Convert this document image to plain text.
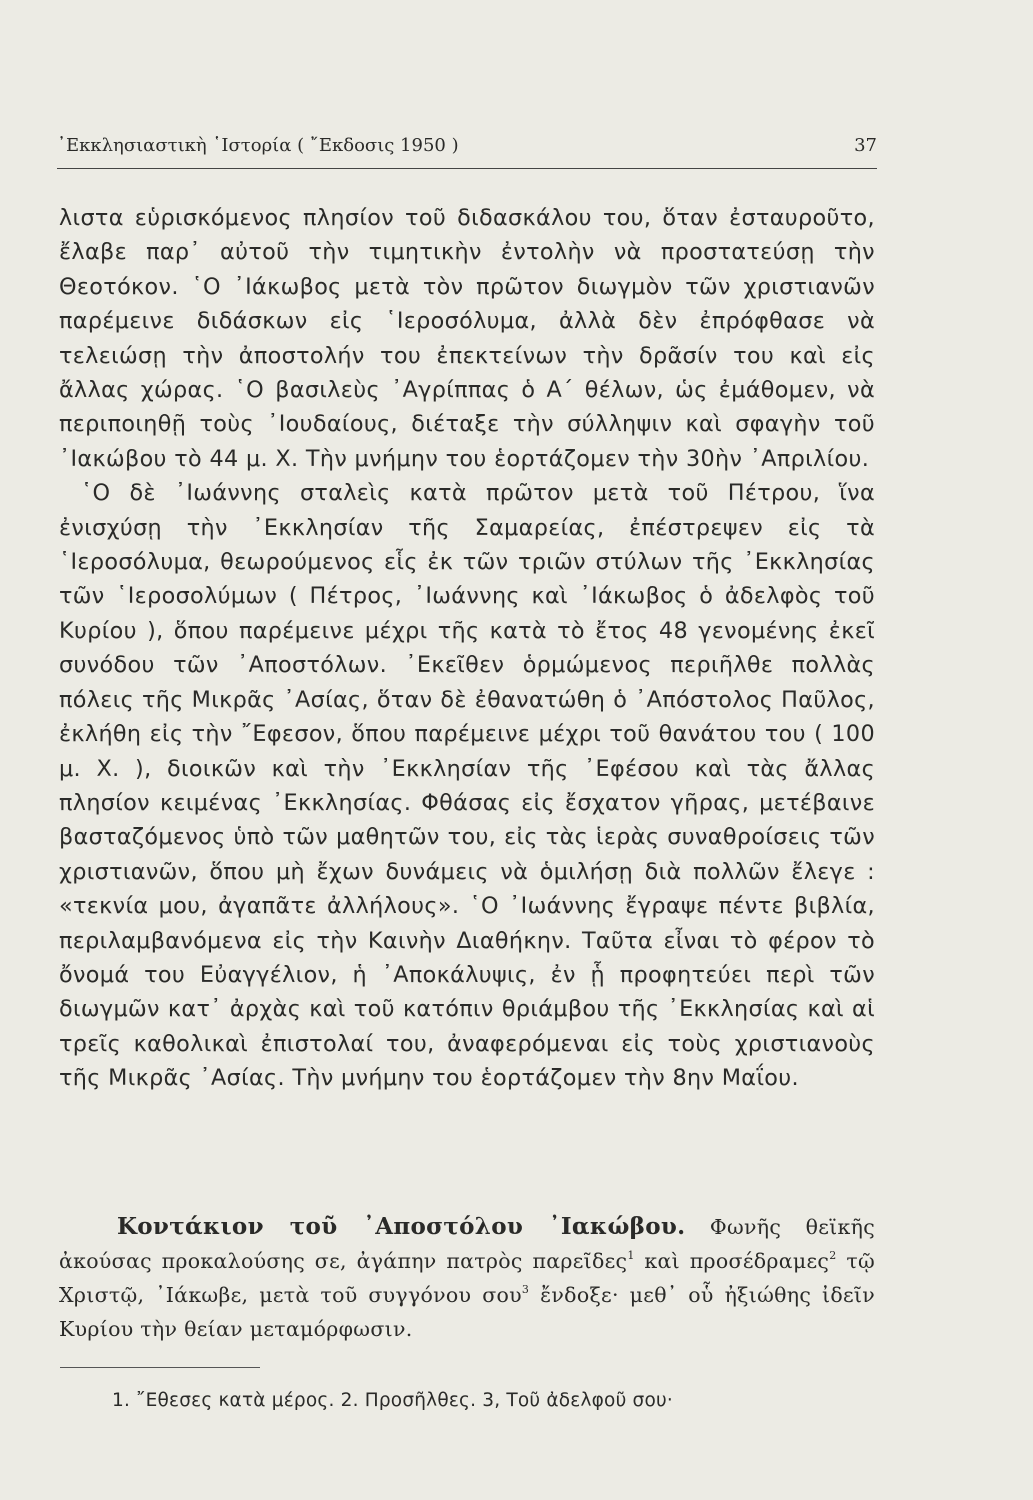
᾿Εκκλησιαστικὴ ῾Ιστορία ( ῎Εκδοσις 1950 )	37

λιστα εὑρισκόμενος πλησίον τοῦ διδασκάλου του, ὅταν ἐσταυροῦτο, ἔλαβε παρ᾿ αὐτοῦ τὴν τιμητικὴν ἐντολὴν νὰ προστατεύσῃ τὴν Θεοτόκον. ῾Ο ᾿Ιάκωβος μετὰ τὸν πρῶτον διωγμὸν τῶν χριστιανῶν παρέμεινε διδάσκων εἰς ῾Ιεροσόλυμα, ἀλλὰ δὲν ἐπρόφθασε νὰ τελειώσῃ τὴν ἀποστολήν του ἐπεκτείνων τὴν δρᾶσίν του καὶ εἰς ἄλλας χώρας. ῾Ο βασιλεὺς ᾿Αγρίππας ὁ Α΄ θέλων, ὡς ἐμάθομεν, νὰ περιποιηθῇ τοὺς ᾿Ιουδαίους, διέταξε τὴν σύλληψιν καὶ σφαγὴν τοῦ ᾿Ιακώβου τὸ 44 μ. Χ. Τὴν μνήμην του ἑορτάζομεν τὴν 30ὴν ᾿Απριλίου.

῾Ο δὲ ᾿Ιωάννης σταλεὶς κατὰ πρῶτον μετὰ τοῦ Πέτρου, ἵνα ἐνισχύσῃ τὴν ᾿Εκκλησίαν τῆς Σαμαρείας, ἐπέστρεψεν εἰς τὰ ῾Ιεροσόλυμα, θεωρούμενος εἷς ἐκ τῶν τριῶν στύλων τῆς ᾿Εκκλησίας τῶν ῾Ιεροσολύμων ( Πέτρος, ᾿Ιωάννης καὶ ᾿Ιάκωβος ὁ ἀδελφὸς τοῦ Κυρίου ), ὅπου παρέμεινε μέχρι τῆς κατὰ τὸ ἔτος 48 γενομένης ἐκεῖ συνόδου τῶν ᾿Αποστόλων. ᾿Εκεῖθεν ὁρμώμενος περιῆλθε πολλὰς πόλεις τῆς Μικρᾶς ᾿Ασίας, ὅταν δὲ ἐθανατώθη ὁ ᾿Απόστολος Παῦλος, ἐκλήθη εἰς τὴν ῎Εφεσον, ὅπου παρέμεινε μέχρι τοῦ θανάτου του ( 100 μ. Χ. ), διοικῶν καὶ τὴν ᾿Εκκλησίαν τῆς ᾿Εφέσου καὶ τὰς ἄλλας πλησίον κειμένας ᾿Εκκλησίας. Φθάσας εἰς ἔσχατον γῆρας, μετέβαινε βασταζόμενος ὑπὸ τῶν μαθητῶν του, εἰς τὰς ἱερὰς συναθροίσεις τῶν χριστιανῶν, ὅπου μὴ ἔχων δυνάμεις νὰ ὁμιλήσῃ διὰ πολλῶν ἔλεγε : «τεκνία μου, ἀγαπᾶτε ἀλλήλους». ῾Ο ᾿Ιωάννης ἔγραψε πέντε βιβλία, περιλαμβανόμενα εἰς τὴν Καινὴν Διαθήκην. Ταῦτα εἶναι τὸ φέρον τὸ ὄνομά του Εὐαγγέλιον, ἡ ᾿Αποκάλυψις, ἐν ᾗ προφητεύει περὶ τῶν διωγμῶν κατ᾿ ἀρχὰς καὶ τοῦ κατόπιν θριάμβου τῆς ᾿Εκκλησίας καὶ αἱ τρεῖς καθολικαὶ ἐπιστολαί του, ἀναφερόμεναι εἰς τοὺς χριστιανοὺς τῆς Μικρᾶς ᾿Ασίας. Τὴν μνήμην του ἑορτάζομεν τὴν 8ην Μαΐου.

Κοντάκιον τοῦ ᾿Αποστόλου ᾿Ιακώβου. Φωνῆς θεϊκῆς ἀκούσας προκαλούσης σε, ἀγάπην πατρὸς παρεῖδες$^1$ καὶ προσέδραμες$^2$ τῷ Χριστῷ, ᾿Ιάκωβε, μετὰ τοῦ συγγόνου σου$^3$ ἔνδοξε· μεθ᾿ οὗ ἠξιώθης ἰδεῖν Κυρίου τὴν θείαν μεταμόρφωσιν.

1. ῎Εθεσες κατὰ μέρος. 2. Προσῆλθες. 3, Τοῦ ἀδελφοῦ σου·
